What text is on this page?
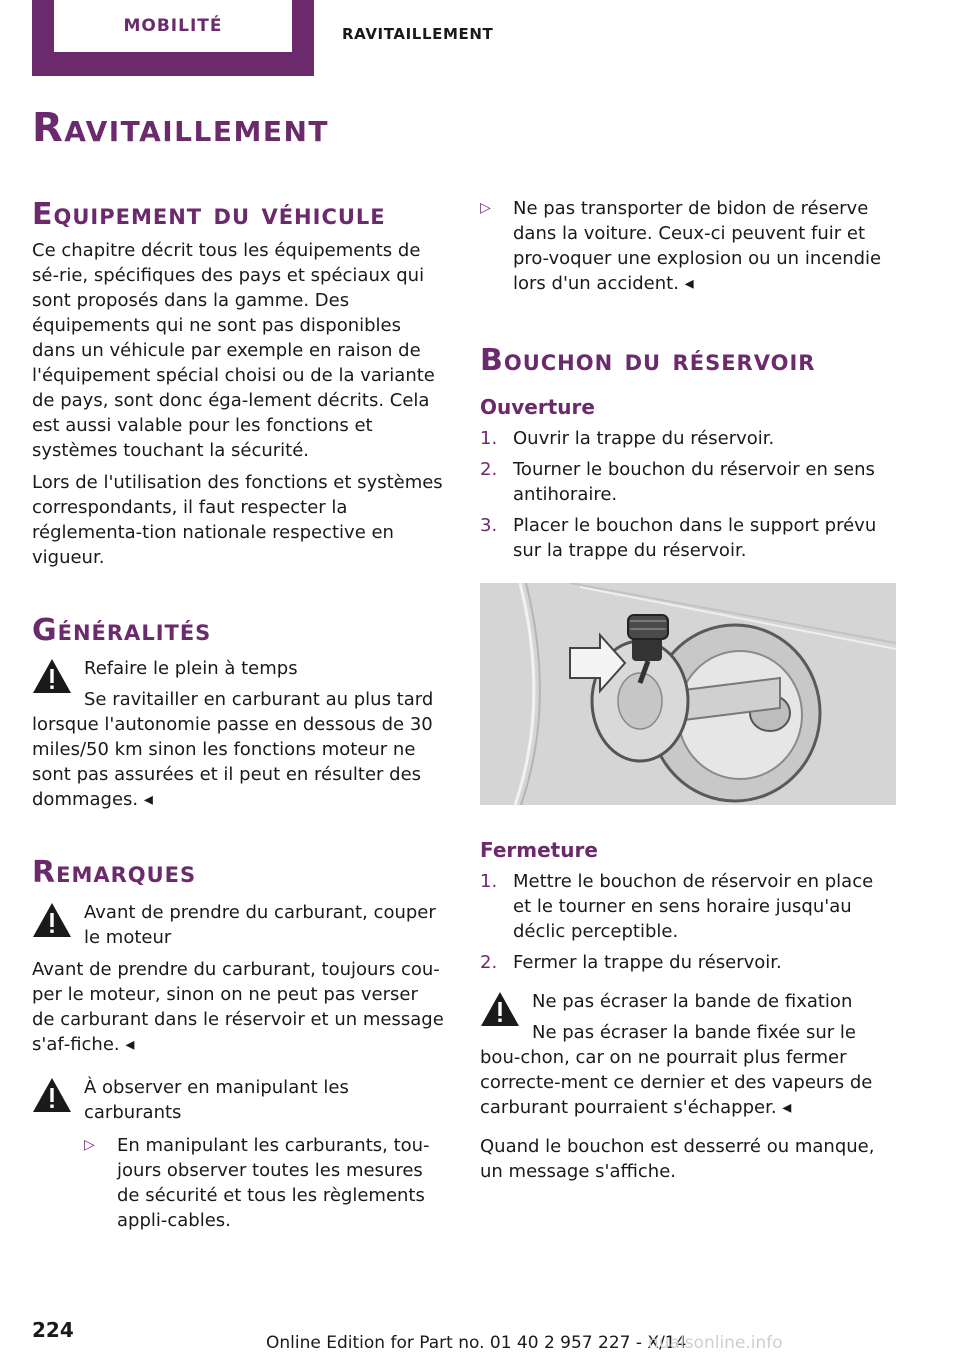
MOBILITÉ	RAVITAILLEMENT
Ravitaillement
Equipement du véhicule

Ce chapitre décrit tous les équipements de sé‐rie, spécifiques des pays et spéciaux qui sont proposés dans la gamme. Des équipements qui ne sont pas disponibles dans un véhicule par exemple en raison de l'équipement spécial choisi ou de la variante de pays, sont donc éga‐lement décrits. Cela est aussi valable pour les fonctions et systèmes touchant la sécurité.

Lors de l'utilisation des fonctions et systèmes correspondants, il faut respecter la réglementa‐tion nationale respective en vigueur.

Généralités

Refaire le plein à temps

Se ravitailler en carburant au plus tard lorsque l'autonomie passe en dessous de 30 miles/50 km sinon les fonctions moteur ne sont pas assurées et il peut en résulter des dommages. ◂

Remarques

Avant de prendre du carburant, couper le moteur

Avant de prendre du carburant, toujours cou‐per le moteur, sinon on ne peut pas verser de carburant dans le réservoir et un message s'af‐fiche. ◂

À observer en manipulant les carburants

▷ En manipulant les carburants, tou‐jours observer toutes les mesures de sécurité et tous les règlements appli‐cables.
▷ Ne pas transporter de bidon de réserve dans la voiture. Ceux-ci peuvent fuir et pro‐voquer une explosion ou un incendie lors d'un accident. ◂
Bouchon du réservoir
Ouverture
1. Ouvrir la trappe du réservoir.
2. Tourner le bouchon du réservoir en sens antihoraire.
3. Placer le bouchon dans le support prévu sur la trappe du réservoir.
Fermeture
1. Mettre le bouchon de réservoir en place et le tourner en sens horaire jusqu'au déclic perceptible.
2. Fermer la trappe du réservoir.

Ne pas écraser la bande de fixation

Ne pas écraser la bande fixée sur le bou‐chon, car on ne pourrait plus fermer correcte‐ment ce dernier et des vapeurs de carburant pourraient s'échapper. ◂

Quand le bouchon est desserré ou manque, un message s'affiche.

224
Online Edition for Part no. 01 40 2 957 227 - X/14
nualsonline.info
